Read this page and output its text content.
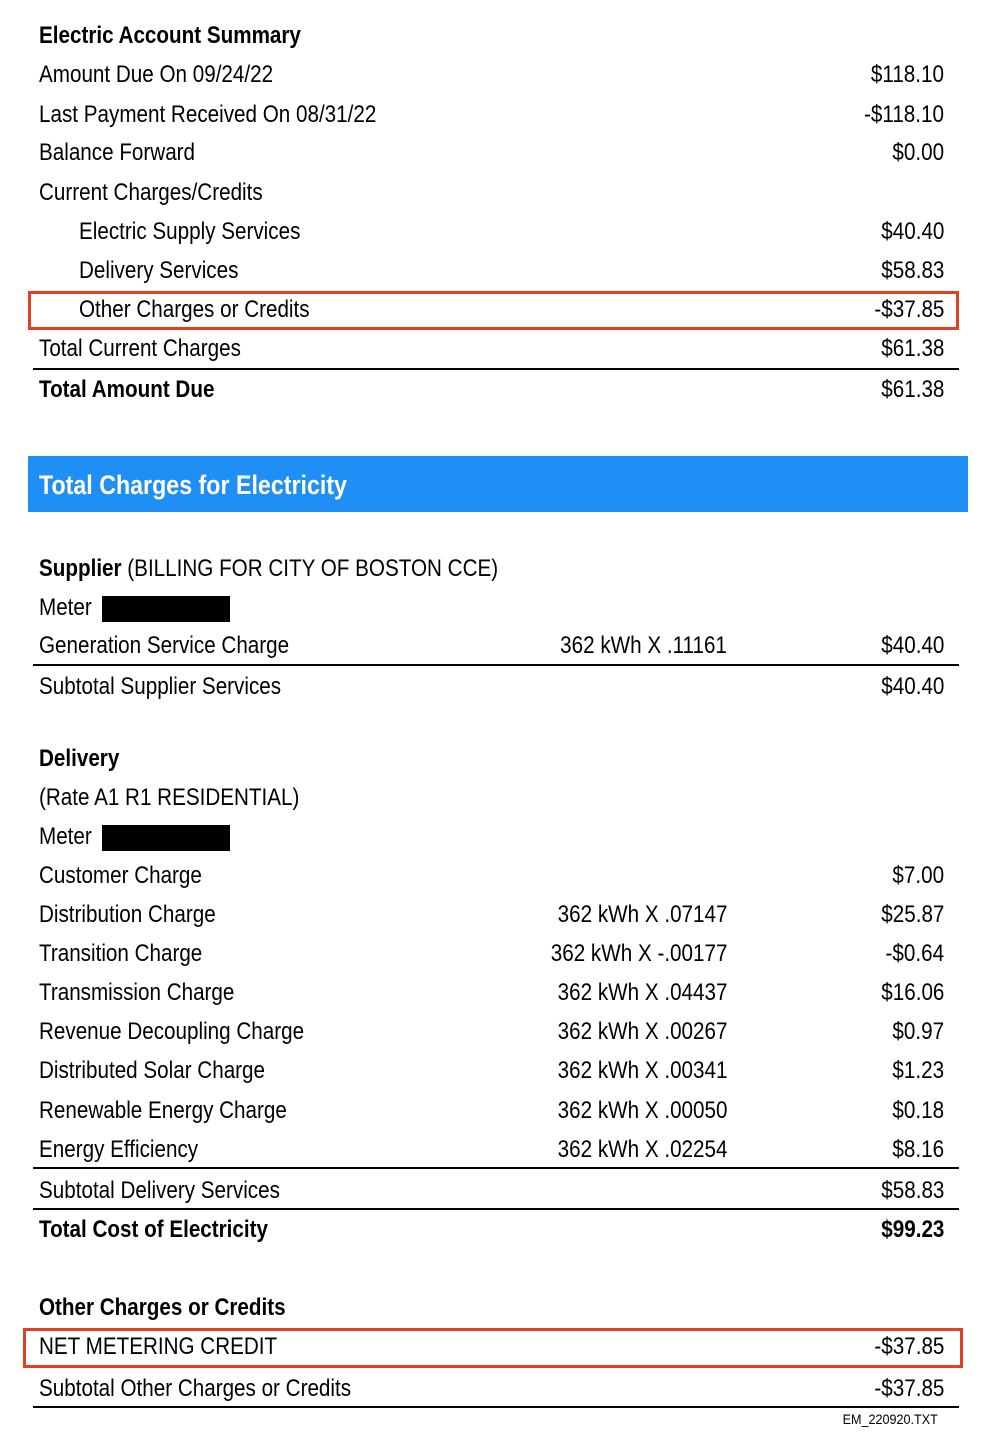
Electric Account Summary
Amount Due On 09/24/22	$118.10
Last Payment Received On 08/31/22	-$118.10
Balance Forward	$0.00
Current Charges/Credits
Electric Supply Services	$40.40
Delivery Services	$58.83
Other Charges or Credits	-$37.85
Total Current Charges	$61.38
Total Amount Due	$61.38
Total Charges for Electricity
Supplier (BILLING FOR CITY OF BOSTON CCE)
Meter
Generation Service Charge	362 kWh X .11161	$40.40
Subtotal Supplier Services	$40.40
Delivery
(Rate A1 R1 RESIDENTIAL)
Meter
Customer Charge	$7.00
Distribution Charge	362 kWh X .07147	$25.87
Transition Charge	362 kWh X -.00177	-$0.64
Transmission Charge	362 kWh X .04437	$16.06
Revenue Decoupling Charge	362 kWh X .00267	$0.97
Distributed Solar Charge	362 kWh X .00341	$1.23
Renewable Energy Charge	362 kWh X .00050	$0.18
Energy Efficiency	362 kWh X .02254	$8.16
Subtotal Delivery Services	$58.83
Total Cost of Electricity	$99.23
Other Charges or Credits
NET METERING CREDIT	-$37.85
Subtotal Other Charges or Credits	-$37.85
EM_220920.TXT
